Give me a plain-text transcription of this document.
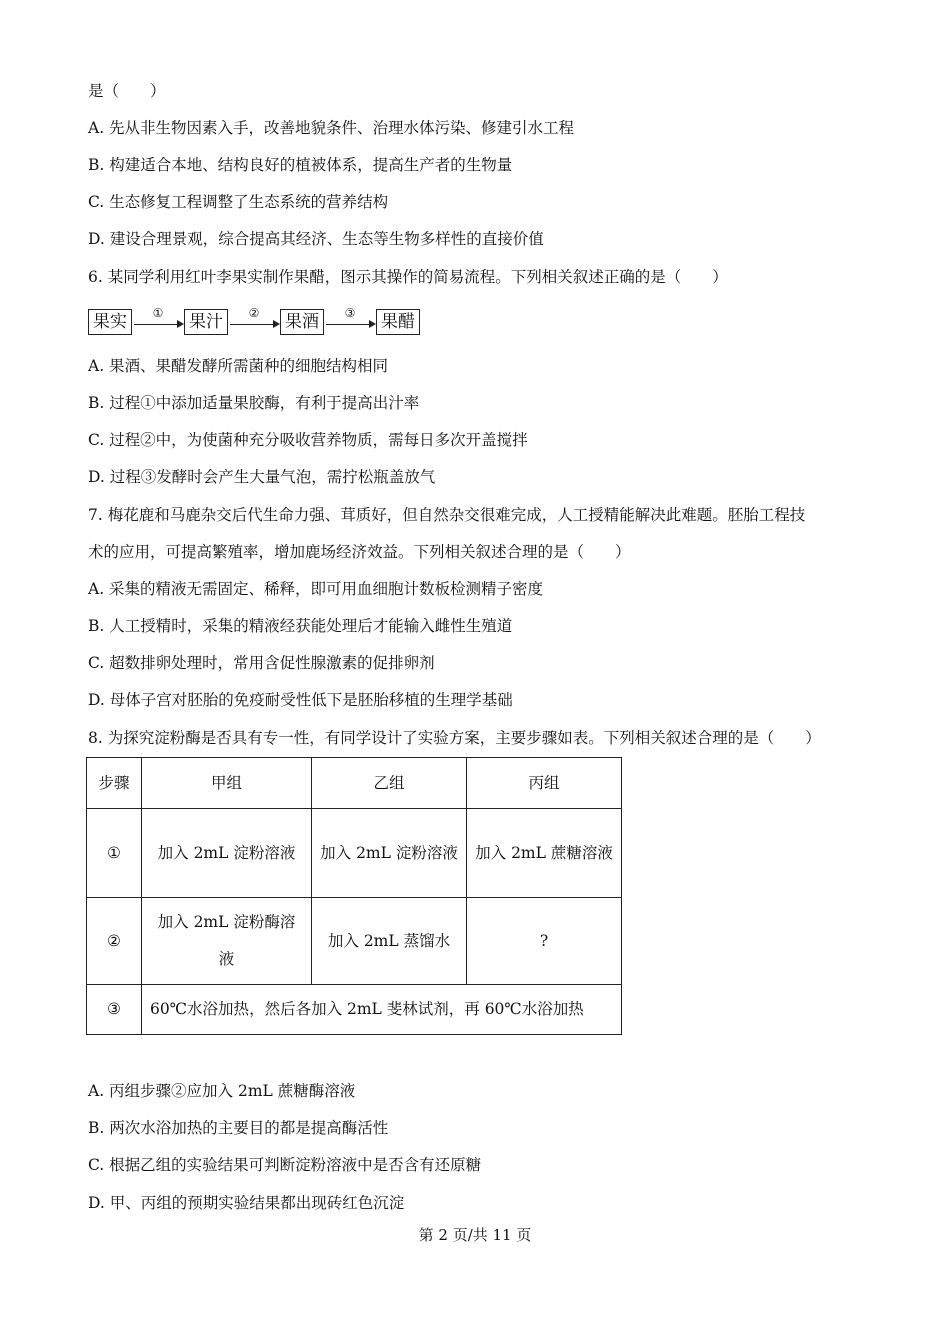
是（　　）
A. 先从非生物因素入手，改善地貌条件、治理水体污染、修建引水工程
B. 构建适合本地、结构良好的植被体系，提高生产者的生物量
C. 生态修复工程调整了生态系统的营养结构
D. 建设合理景观，综合提高其经济、生态等生物多样性的直接价值
6. 某同学利用红叶李果实制作果醋，图示其操作的简易流程。下列相关叙述正确的是（　　）
果实	①	果汁	②	果酒	③	果醋
A. 果酒、果醋发酵所需菌种的细胞结构相同
B. 过程①中添加适量果胶酶，有利于提高出汁率
C. 过程②中，为使菌种充分吸收营养物质，需每日多次开盖搅拌
D. 过程③发酵时会产生大量气泡，需拧松瓶盖放气
7. 梅花鹿和马鹿杂交后代生命力强、茸质好，但自然杂交很难完成，人工授精能解决此难题。胚胎工程技
术的应用，可提高繁殖率，增加鹿场经济效益。下列相关叙述合理的是（　　）
A. 采集的精液无需固定、稀释，即可用血细胞计数板检测精子密度
B. 人工授精时，采集的精液经获能处理后才能输入雌性生殖道
C. 超数排卵处理时，常用含促性腺激素的促排卵剂
D. 母体子宫对胚胎的免疫耐受性低下是胚胎移植的生理学基础
8. 为探究淀粉酶是否具有专一性，有同学设计了实验方案，主要步骤如表。下列相关叙述合理的是（　　）
步骤	甲组	乙组	丙组
①	加入 2mL 淀粉溶液	加入 2mL 淀粉溶液	加入 2mL 蔗糖溶液
②	加入 2mL 淀粉酶溶液	加入 2mL 蒸馏水	?
③	60℃水浴加热，然后各加入 2mL 斐林试剂，再 60℃水浴加热		
A. 丙组步骤②应加入 2mL 蔗糖酶溶液
B. 两次水浴加热的主要目的都是提高酶活性
C. 根据乙组的实验结果可判断淀粉溶液中是否含有还原糖
D. 甲、丙组的预期实验结果都出现砖红色沉淀
第 2 页/共 11 页
